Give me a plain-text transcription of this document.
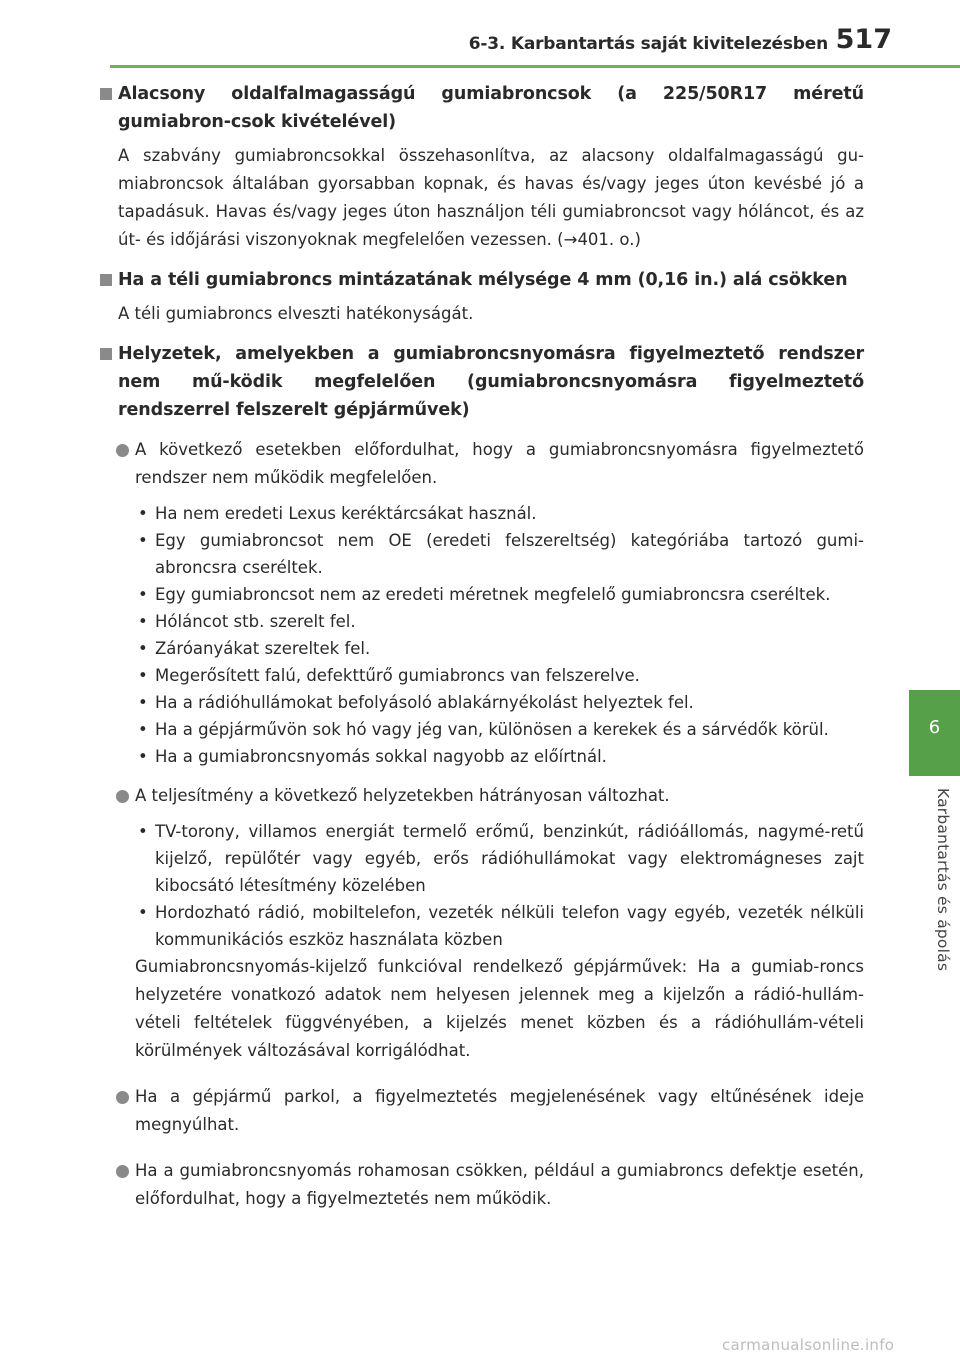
6-3. Karbantartás saját kivitelezésben 517
6
Karbantartás és ápolás
Alacsony oldalfalmagasságú gumiabroncsok (a 225/50R17 méretű gumiabron-csok kivételével)
A szabvány gumiabroncsokkal összehasonlítva, az alacsony oldalfalmagasságú gu-miabroncsok általában gyorsabban kopnak, és havas és/vagy jeges úton kevésbé jó a tapadásuk. Havas és/vagy jeges úton használjon téli gumiabroncsot vagy hóláncot, és az út- és időjárási viszonyoknak megfelelően vezessen. (→401. o.)
Ha a téli gumiabroncs mintázatának mélysége 4 mm (0,16 in.) alá csökken
A téli gumiabroncs elveszti hatékonyságát.
Helyzetek, amelyekben a gumiabroncsnyomásra figyelmeztető rendszer nem mű-ködik megfelelően (gumiabroncsnyomásra figyelmeztető rendszerrel felszerelt gépjárművek)
A következő esetekben előfordulhat, hogy a gumiabroncsnyomásra figyelmeztető rendszer nem működik megfelelően.
• Ha nem eredeti Lexus keréktárcsákat használ.
• Egy gumiabroncsot nem OE (eredeti felszereltség) kategóriába tartozó gumi-abroncsra cseréltek.
• Egy gumiabroncsot nem az eredeti méretnek megfelelő gumiabroncsra cseréltek.
• Hóláncot stb. szerelt fel.
• Záróanyákat szereltek fel.
• Megerősített falú, defekttűrő gumiabroncs van felszerelve.
• Ha a rádióhullámokat befolyásoló ablakárnyékolást helyeztek fel.
• Ha a gépjárművön sok hó vagy jég van, különösen a kerekek és a sárvédők körül.
• Ha a gumiabroncsnyomás sokkal nagyobb az előírtnál.
A teljesítmény a következő helyzetekben hátrányosan változhat.
• TV-torony, villamos energiát termelő erőmű, benzinkút, rádióállomás, nagymé-retű kijelző, repülőtér vagy egyéb, erős rádióhullámokat vagy elektromágneses zajt kibocsátó létesítmény közelében
• Hordozható rádió, mobiltelefon, vezeték nélküli telefon vagy egyéb, vezeték nélküli kommunikációs eszköz használata közben
Gumiabroncsnyomás-kijelző funkcióval rendelkező gépjárművek: Ha a gumiab-roncs helyzetére vonatkozó adatok nem helyesen jelennek meg a kijelzőn a rádió-hullám-vételi feltételek függvényében, a kijelzés menet közben és a rádióhullám-vételi körülmények változásával korrigálódhat.
Ha a gépjármű parkol, a figyelmeztetés megjelenésének vagy eltűnésének ideje megnyúlhat.
Ha a gumiabroncsnyomás rohamosan csökken, például a gumiabroncs defektje esetén, előfordulhat, hogy a figyelmeztetés nem működik.
carmanualsonline.info
